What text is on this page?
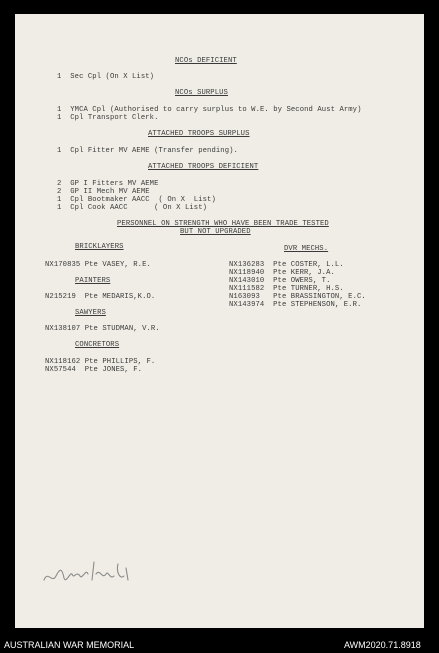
NCOs DEFICIENT
1  Sec Cpl (On X List)
NCOs SURPLUS
1  YMCA Cpl (Authorised to carry surplus to W.E. by Second Aust Army)
1  Cpl Transport Clerk.
ATTACHED TROOPS SURPLUS
1  Cpl Fitter MV AEME (Transfer pending).
ATTACHED TROOPS DEFICIENT
2  GP I Fitters MV AEME
2  GP II Mech MV AEME
1  Cpl Bootmaker AACC  ( On X  List)
1  Cpl Cook AACC      ( On X List)
PERSONNEL ON STRENGTH WHO HAVE BEEN TRADE TESTED
BUT NOT UPGRADED
BRICKLAYERS
NX170835 Pte VASEY, R.E.
PAINTERS
N215219  Pte MEDARIS,K.O.
SAWYERS
NX138107 Pte STUDMAN, V.R.
CONCRETORS
NX118162 Pte PHILLIPS, F.
NX57544  Pte JONES, F.
DVR MECHS.
NX136283  Pte COSTER, L.L.
NX118940  Pte KERR, J.A.
NX143010  Pte OWERS, T.
NX111582  Pte TURNER, H.S.
N163093   Pte BRASSINGTON, E.C.
NX143974  Pte STEPHENSON, E.R.
AUSTRALIAN WAR MEMORIAL	AWM2020.71.8918
